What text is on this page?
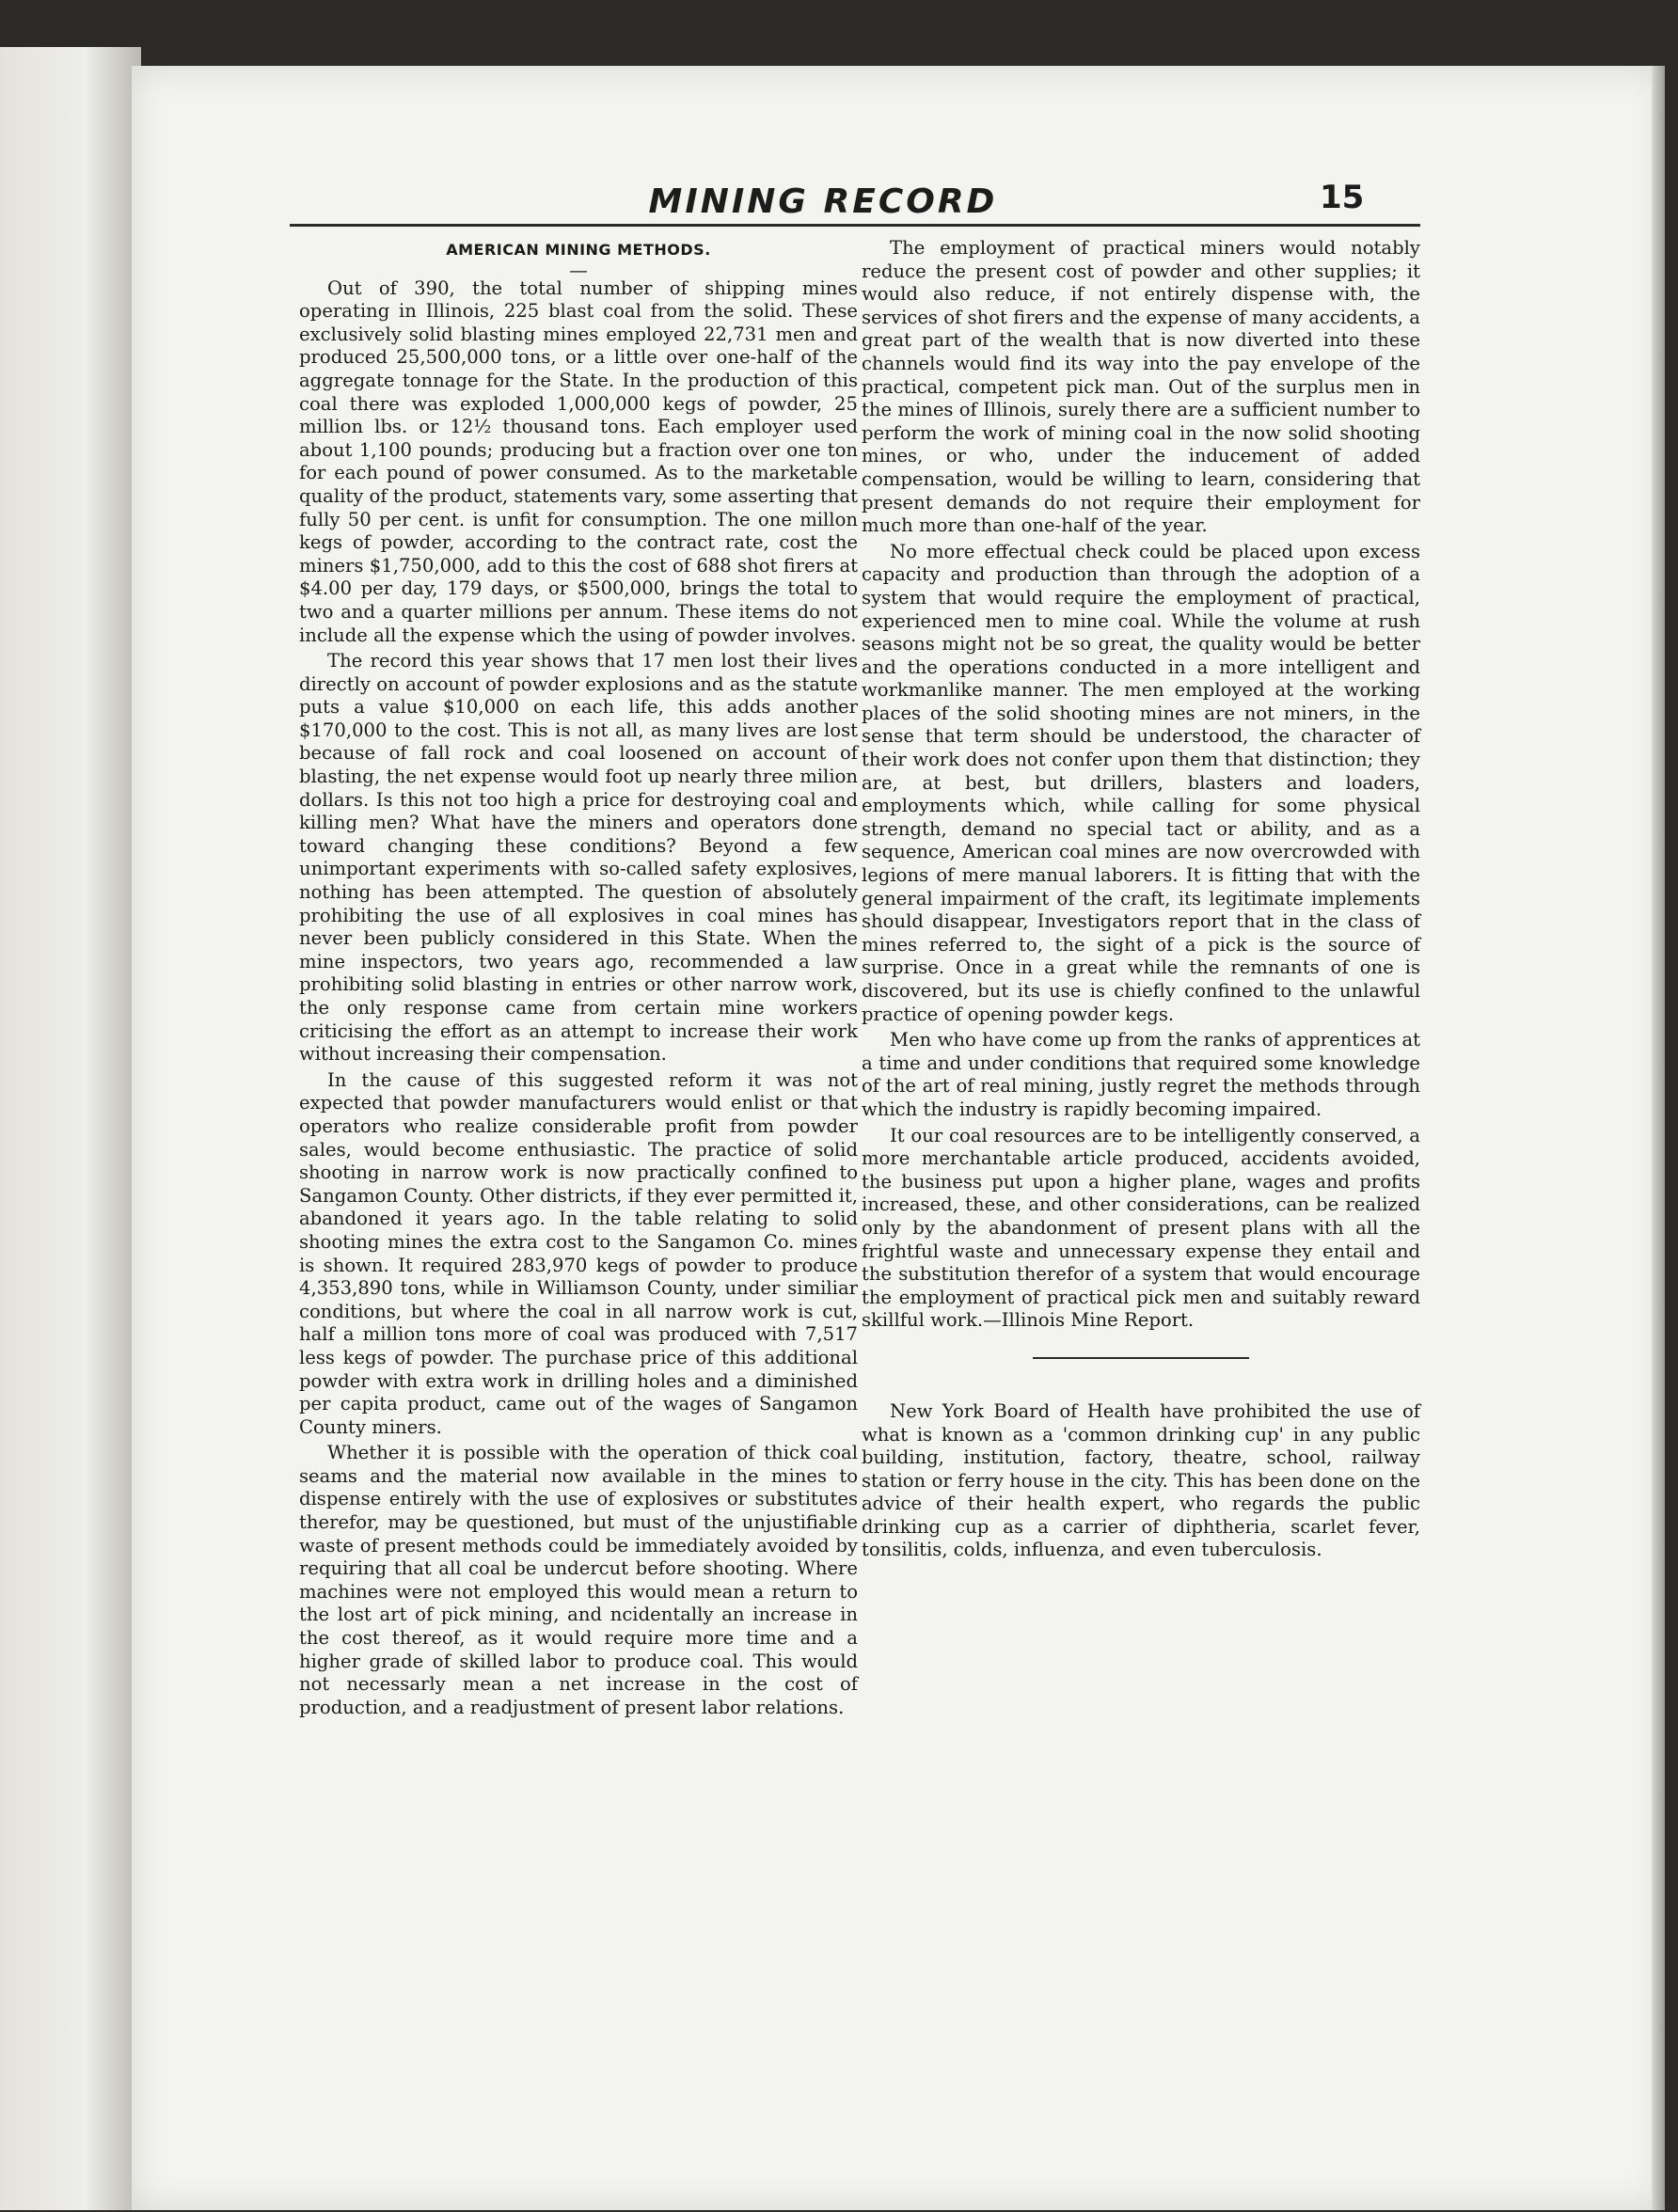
MINING RECORD	15
AMERICAN MINING METHODS.
—

Out of 390, the total number of shipping mines operating in Illinois, 225 blast coal from the solid. These exclusively solid blasting mines employed 22,731 men and produced 25,500,000 tons, or a little over one-half of the aggregate tonnage for the State. In the production of this coal there was exploded 1,000,000 kegs of powder, 25 million lbs. or 12½ thousand tons. Each employer used about 1,100 pounds; producing but a fraction over one ton for each pound of power consumed. As to the marketable quality of the product, statements vary, some asserting that fully 50 per cent. is unfit for consumption. The one millon kegs of powder, according to the contract rate, cost the miners $1,750,000, add to this the cost of 688 shot firers at $4.00 per day, 179 days, or $500,000, brings the total to two and a quarter millions per annum. These items do not include all the expense which the using of powder involves.

The record this year shows that 17 men lost their lives directly on account of powder explosions and as the statute puts a value $10,000 on each life, this adds another $170,000 to the cost. This is not all, as many lives are lost because of fall rock and coal loosened on account of blasting, the net expense would foot up nearly three milion dollars. Is this not too high a price for destroying coal and killing men? What have the miners and operators done toward changing these conditions? Beyond a few unimportant experiments with so-called safety explosives, nothing has been attempted. The question of absolutely prohibiting the use of all explosives in coal mines has never been publicly considered in this State. When the mine inspectors, two years ago, recommended a law prohibiting solid blasting in entries or other narrow work, the only response came from certain mine workers criticising the effort as an attempt to increase their work without increasing their compensation.

In the cause of this suggested reform it was not expected that powder manufacturers would enlist or that operators who realize considerable profit from powder sales, would become enthusiastic. The practice of solid shooting in narrow work is now practically confined to Sangamon County. Other districts, if they ever permitted it, abandoned it years ago. In the table relating to solid shooting mines the extra cost to the Sangamon Co. mines is shown. It required 283,970 kegs of powder to produce 4,353,890 tons, while in Williamson County, under similiar conditions, but where the coal in all narrow work is cut, half a million tons more of coal was produced with 7,517 less kegs of powder. The purchase price of this additional powder with extra work in drilling holes and a diminished per capita product, came out of the wages of Sangamon County miners.

Whether it is possible with the operation of thick coal seams and the material now available in the mines to dispense entirely with the use of explosives or substitutes therefor, may be questioned, but must of the unjustifiable waste of present methods could be immediately avoided by requiring that all coal be undercut before shooting. Where machines were not employed this would mean a return to the lost art of pick mining, and ncidentally an increase in the cost thereof, as it would require more time and a higher grade of skilled labor to produce coal. This would not necessarly mean a net increase in the cost of production, and a readjustment of present labor relations.

The employment of practical miners would notably reduce the present cost of powder and other supplies; it would also reduce, if not entirely dispense with, the services of shot firers and the expense of many accidents, a great part of the wealth that is now diverted into these channels would find its way into the pay envelope of the practical, competent pick man. Out of the surplus men in the mines of Illinois, surely there are a sufficient number to perform the work of mining coal in the now solid shooting mines, or who, under the inducement of added compensation, would be willing to learn, considering that present demands do not require their employment for much more than one-half of the year.

No more effectual check could be placed upon excess capacity and production than through the adoption of a system that would require the employment of practical, experienced men to mine coal. While the volume at rush seasons might not be so great, the quality would be better and the operations conducted in a more intelligent and workmanlike manner. The men employed at the working places of the solid shooting mines are not miners, in the sense that term should be understood, the character of their work does not confer upon them that distinction; they are, at best, but drillers, blasters and loaders, employments which, while calling for some physical strength, demand no special tact or ability, and as a sequence, American coal mines are now overcrowded with legions of mere manual laborers. It is fitting that with the general impairment of the craft, its legitimate implements should disappear, Investigators report that in the class of mines referred to, the sight of a pick is the source of surprise. Once in a great while the remnants of one is discovered, but its use is chiefly confined to the unlawful practice of opening powder kegs.

Men who have come up from the ranks of apprentices at a time and under conditions that required some knowledge of the art of real mining, justly regret the methods through which the industry is rapidly becoming impaired.

It our coal resources are to be intelligently conserved, a more merchantable article produced, accidents avoided, the business put upon a higher plane, wages and profits increased, these, and other considerations, can be realized only by the abandonment of present plans with all the frightful waste and unnecessary expense they entail and the substitution therefor of a system that would encourage the employment of practical pick men and suitably reward skillful work.—Illinois Mine Report.

New York Board of Health have prohibited the use of what is known as a 'common drinking cup' in any public building, institution, factory, theatre, school, railway station or ferry house in the city. This has been done on the advice of their health expert, who regards the public drinking cup as a carrier of diphtheria, scarlet fever, tonsilitis, colds, influenza, and even tuberculosis.
